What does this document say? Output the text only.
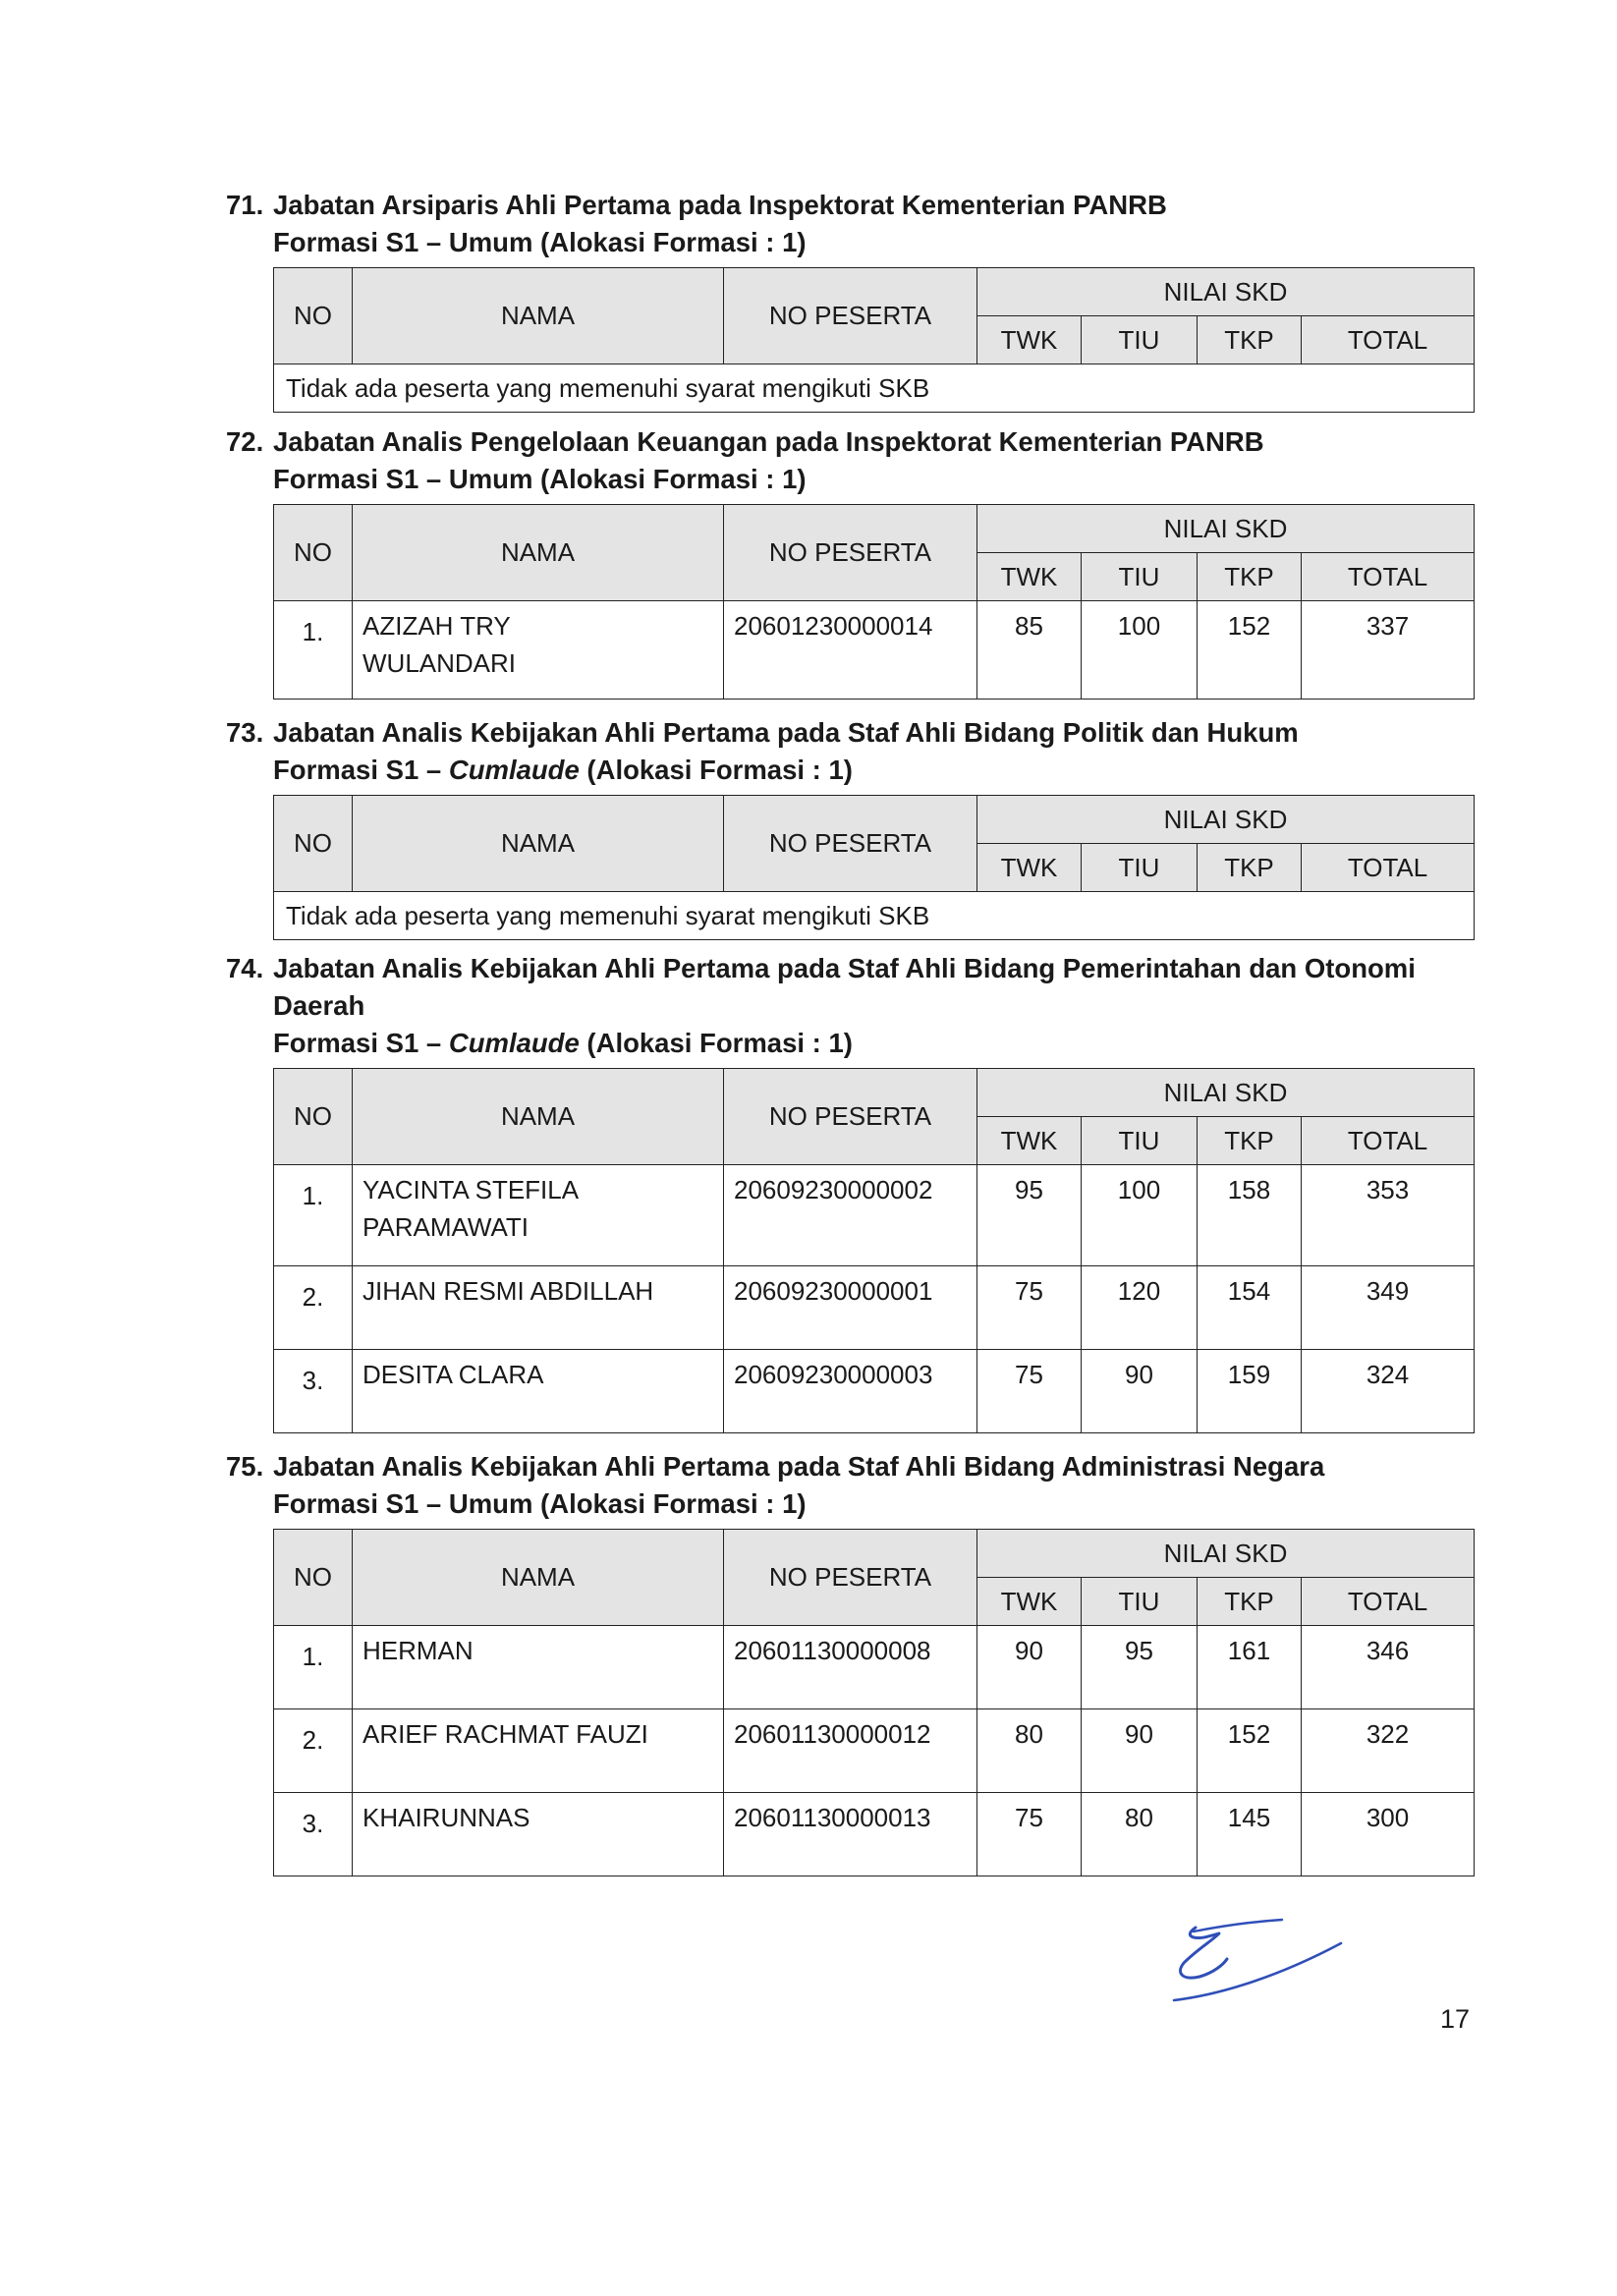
71. Jabatan Arsiparis Ahli Pertama pada Inspektorat Kementerian PANRB
Formasi S1 – Umum (Alokasi Formasi : 1)
NO	NAMA	NO PESERTA	NILAI SKD			
			TWK	TIU	TKP	TOTAL
Tidak ada peserta yang memenuhi syarat mengikuti SKB						
72. Jabatan Analis Pengelolaan Keuangan pada Inspektorat Kementerian PANRB
Formasi S1 – Umum (Alokasi Formasi : 1)
NO	NAMA	NO PESERTA	NILAI SKD			
			TWK	TIU	TKP	TOTAL
1.	AZIZAH TRY
WULANDARI	20601230000014	85	100	152	337
73. Jabatan Analis Kebijakan Ahli Pertama pada Staf Ahli Bidang Politik dan Hukum
Formasi S1 – Cumlaude (Alokasi Formasi : 1)
NO	NAMA	NO PESERTA	NILAI SKD			
			TWK	TIU	TKP	TOTAL
Tidak ada peserta yang memenuhi syarat mengikuti SKB						
74. Jabatan Analis Kebijakan Ahli Pertama pada Staf Ahli Bidang Pemerintahan dan Otonomi
Daerah
Formasi S1 – Cumlaude (Alokasi Formasi : 1)
NO	NAMA	NO PESERTA	NILAI SKD			
			TWK	TIU	TKP	TOTAL
1.	YACINTA STEFILA
PARAMAWATI	20609230000002	95	100	158	353
2.	JIHAN RESMI ABDILLAH	20609230000001	75	120	154	349
3.	DESITA CLARA	20609230000003	75	90	159	324
75. Jabatan Analis Kebijakan Ahli Pertama pada Staf Ahli Bidang Administrasi Negara
Formasi S1 – Umum (Alokasi Formasi : 1)
NO	NAMA	NO PESERTA	NILAI SKD			
			TWK	TIU	TKP	TOTAL
1.	HERMAN	20601130000008	90	95	161	346
2.	ARIEF RACHMAT FAUZI	20601130000012	80	90	152	322
3.	KHAIRUNNAS	20601130000013	75	80	145	300
17
